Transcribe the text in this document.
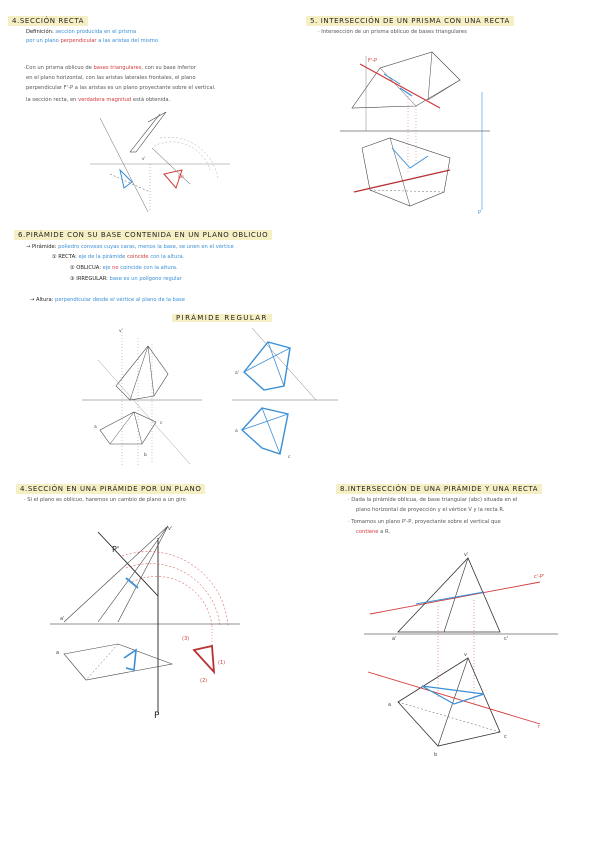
4.SECCIÓN RECTA
Definición: sección producida en el prisma
por un plano perpendicular a las aristas del mismo
·Con un prisma oblicuo de bases triangulares, con su base inferior
en el plano horizontal, con las aristas laterales frontales, el plano
perpendicular F'-P a las aristas es un plano proyectante sobre el vertical.
la sección recta, en verdadera magnitud está obtenida.
v'
(3)
5. INTERSECCIÓN DE UN PRISMA CON UNA RECTA
· Intersección de un prisma oblicuo de bases triangulares
F'-P
P
6.PIRÁMIDE CON SU BASE CONTENIDA EN UN PLANO OBLICUO
→ Pirámide: poliedro convexo cuyas caras, menos la base, se unen en el vértice
① RECTA: eje de la pirámide coincide con la altura.
② OBLICUA: eje no coincide con la altura.
③ IRREGULAR: base es un polígono regular
→ Altura: perpendicular desde el vértice al plano de la base
PIRÁMIDE REGULAR
v'
a
b
c
a'
a
c
4.SECCIÓN EN UNA PIRÁMIDE POR UN PLANO
· Si el plano es oblicuo, haremos un cambio de plano a un giro
P'
P
v'
a'
a
(3)
(1)
(2)
8.INTERSECCIÓN DE UNA PIRÁMIDE Y UNA RECTA
· Dada la pirámide oblicua, de base triangular (abc) situada en el
plano horizontal de proyección y el vértice V y la recta R.
· Tomamos un plano P'-P, proyectante sobre el vertical que
contiene a R.
v'
c'-P'
a'	c'
a
b
c
v
r
